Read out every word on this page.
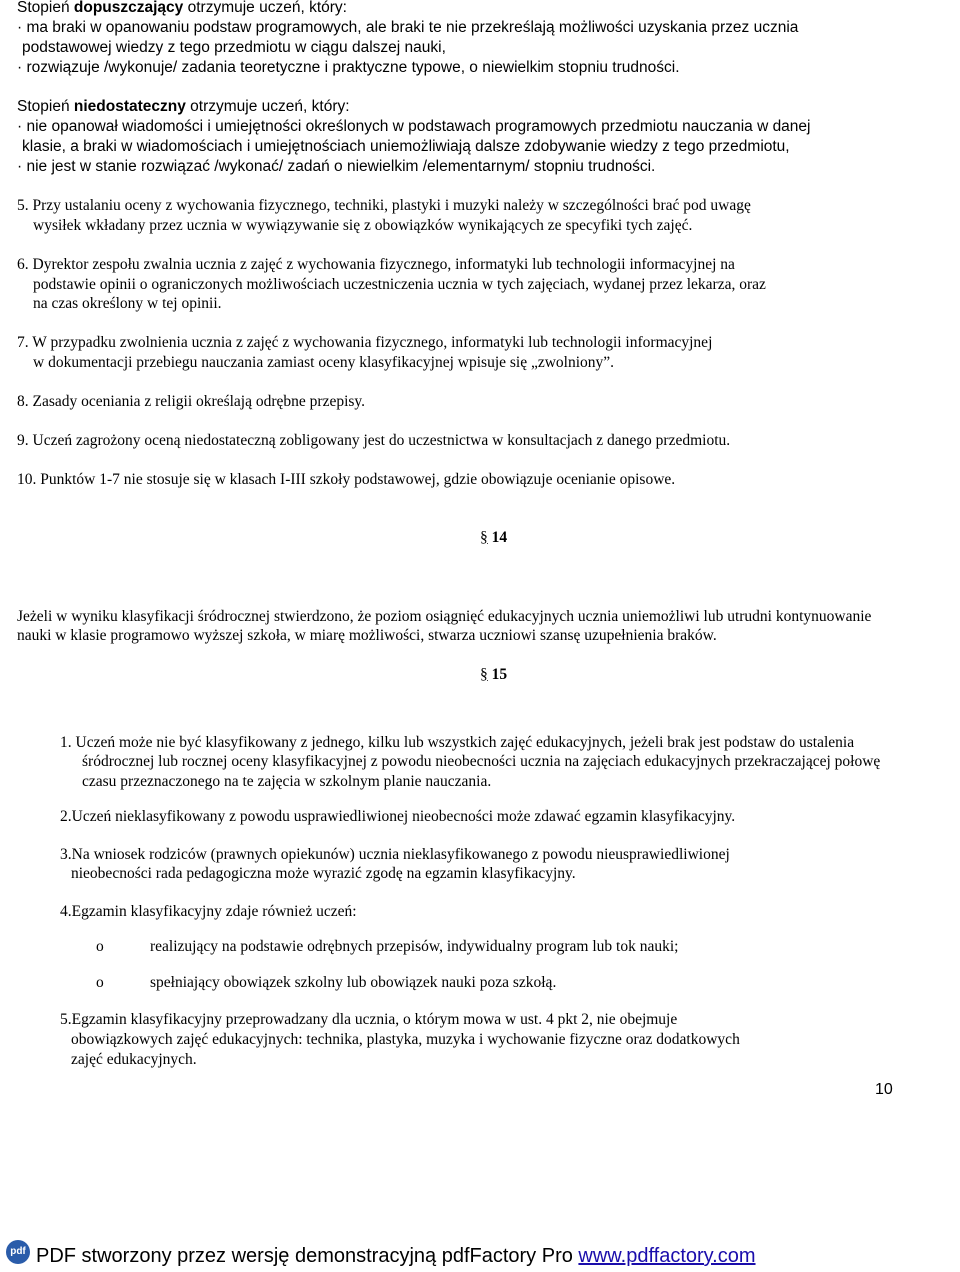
Stopień dopuszczający otrzymuje uczeń, który:
· ma braki w opanowaniu podstaw programowych, ale braki te nie przekreślają możliwości uzyskania przez ucznia
podstawowej wiedzy z tego przedmiotu w ciągu dalszej nauki,
· rozwiązuje /wykonuje/ zadania teoretyczne i praktyczne typowe, o niewielkim stopniu trudności.
Stopień niedostateczny otrzymuje uczeń, który:
· nie opanował wiadomości i umiejętności określonych w podstawach programowych przedmiotu nauczania w danej
klasie, a braki w wiadomościach i umiejętnościach uniemożliwiają dalsze zdobywanie wiedzy z tego przedmiotu,
· nie jest w stanie rozwiązać /wykonać/ zadań o niewielkim /elementarnym/ stopniu trudności.
5. Przy ustalaniu oceny z wychowania fizycznego, techniki, plastyki i muzyki należy w szczególności brać pod uwagę
wysiłek wkładany przez ucznia w wywiązywanie się z obowiązków wynikających ze specyfiki tych zajęć.
6. Dyrektor zespołu zwalnia ucznia z zajęć z wychowania fizycznego, informatyki lub technologii informacyjnej na
podstawie opinii o ograniczonych możliwościach uczestniczenia ucznia w tych zajęciach, wydanej przez lekarza, oraz
na czas określony w tej opinii.
7. W przypadku zwolnienia ucznia z zajęć z wychowania fizycznego, informatyki lub technologii informacyjnej
w dokumentacji przebiegu nauczania zamiast oceny klasyfikacyjnej wpisuje się „zwolniony”.
8. Zasady oceniania z religii określają odrębne przepisy.
9. Uczeń zagrożony oceną niedostateczną zobligowany jest do uczestnictwa w konsultacjach z danego przedmiotu.
10. Punktów 1-7 nie stosuje się w klasach I-III szkoły podstawowej, gdzie obowiązuje ocenianie opisowe.
§ 14
Jeżeli w wyniku klasyfikacji śródrocznej stwierdzono, że poziom osiągnięć edukacyjnych ucznia uniemożliwi lub utrudni kontynuowanie
nauki w klasie programowo wyższej szkoła, w miarę możliwości, stwarza uczniowi szansę uzupełnienia braków.
§ 15
1. Uczeń może nie być klasyfikowany z jednego, kilku lub wszystkich zajęć edukacyjnych, jeżeli brak jest podstaw do ustalenia
śródrocznej lub rocznej oceny klasyfikacyjnej z powodu nieobecności ucznia na zajęciach edukacyjnych przekraczającej połowę
czasu przeznaczonego na te zajęcia w szkolnym planie nauczania.
2.Uczeń nieklasyfikowany z powodu usprawiedliwionej nieobecności może zdawać egzamin klasyfikacyjny.
3.Na wniosek rodziców (prawnych opiekunów) ucznia nieklasyfikowanego z powodu nieusprawiedliwionej
nieobecności rada pedagogiczna może wyrazić zgodę na egzamin klasyfikacyjny.
4.Egzamin klasyfikacyjny zdaje również uczeń:
o	realizujący na podstawie odrębnych przepisów, indywidualny program lub tok nauki;
o	spełniający obowiązek szkolny lub obowiązek nauki poza szkołą.
5.Egzamin klasyfikacyjny przeprowadzany dla ucznia, o którym mowa w ust. 4 pkt 2, nie obejmuje
obowiązkowych zajęć edukacyjnych: technika, plastyka, muzyka i wychowanie fizyczne oraz dodatkowych
zajęć edukacyjnych.
10
pdf PDF stworzony przez wersję demonstracyjną pdfFactory Pro www.pdffactory.com
